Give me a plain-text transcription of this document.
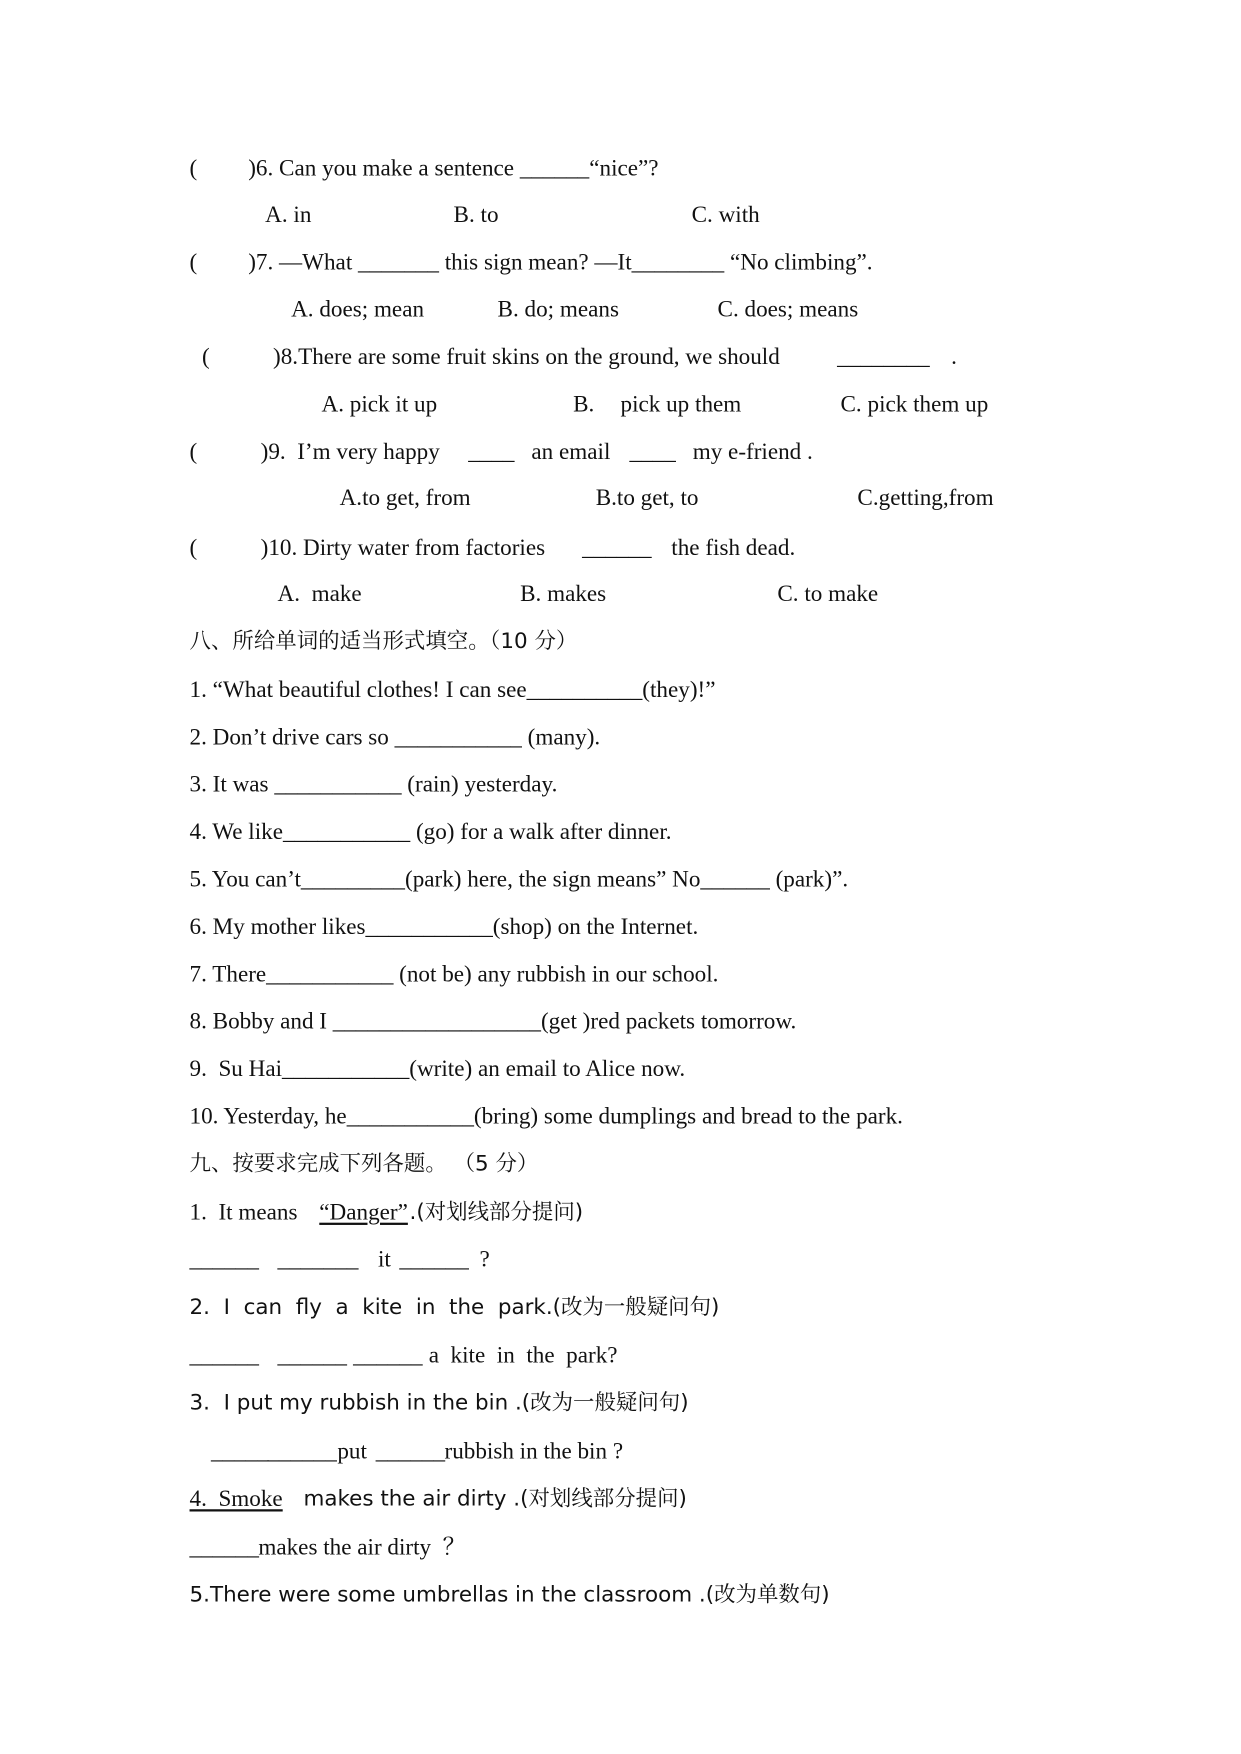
( )6. Can you make a sentence ______“nice”?
A. in	B. to	C. with
( )7. —What _______ this sign mean? —It________ “No climbing”.
A. does; mean	B. do; means	C. does; means
(	)8.There are some fruit skins on the ground, we should	________ .
A. pick it up	B. pick up them	C. pick them up
(	)9.  I’m very happy ____ an email ____ my e-friend .
A.to get, from	B.to get, to	C.getting,from
(	)10. Dirty water from factories ______ the fish dead.
A.  make	B. makes	C. to make
八、所给单词的适当形式填空。（10 分）
1. “What beautiful clothes! I can see__________(they)!”
2. Don’t drive cars so ___________ (many).
3. It was ___________ (rain) yesterday.
4. We like___________ (go) for a walk after dinner.
5. You can’t_________(park) here, the sign means” No______ (park)”.
6. My mother likes___________(shop) on the Internet.
7. There___________ (not be) any rubbish in our school.
8. Bobby and I __________________(get )red packets tomorrow.
9.  Su Hai___________(write) an email to Alice now.
10. Yesterday, he___________(bring) some dumplings and bread to the park.
九、按要求完成下列各题。 （5 分）
1.  It means “Danger” .(对划线部分提问)
______ _______ it ______ ?
2.  I  can  fly  a  kite  in  the  park.(改为一般疑问句)
______ ______ ______ a  kite  in  the  park?
3.  I put my rubbish in the bin .(改为一般疑问句)
_____
______ put ______ rubbish in the bin ?
4.  Smoke makes the air dirty .(对划线部分提问)
______ makes the air dirty  ？
5.There were some umbrellas in the classroom .(改为单数句)
